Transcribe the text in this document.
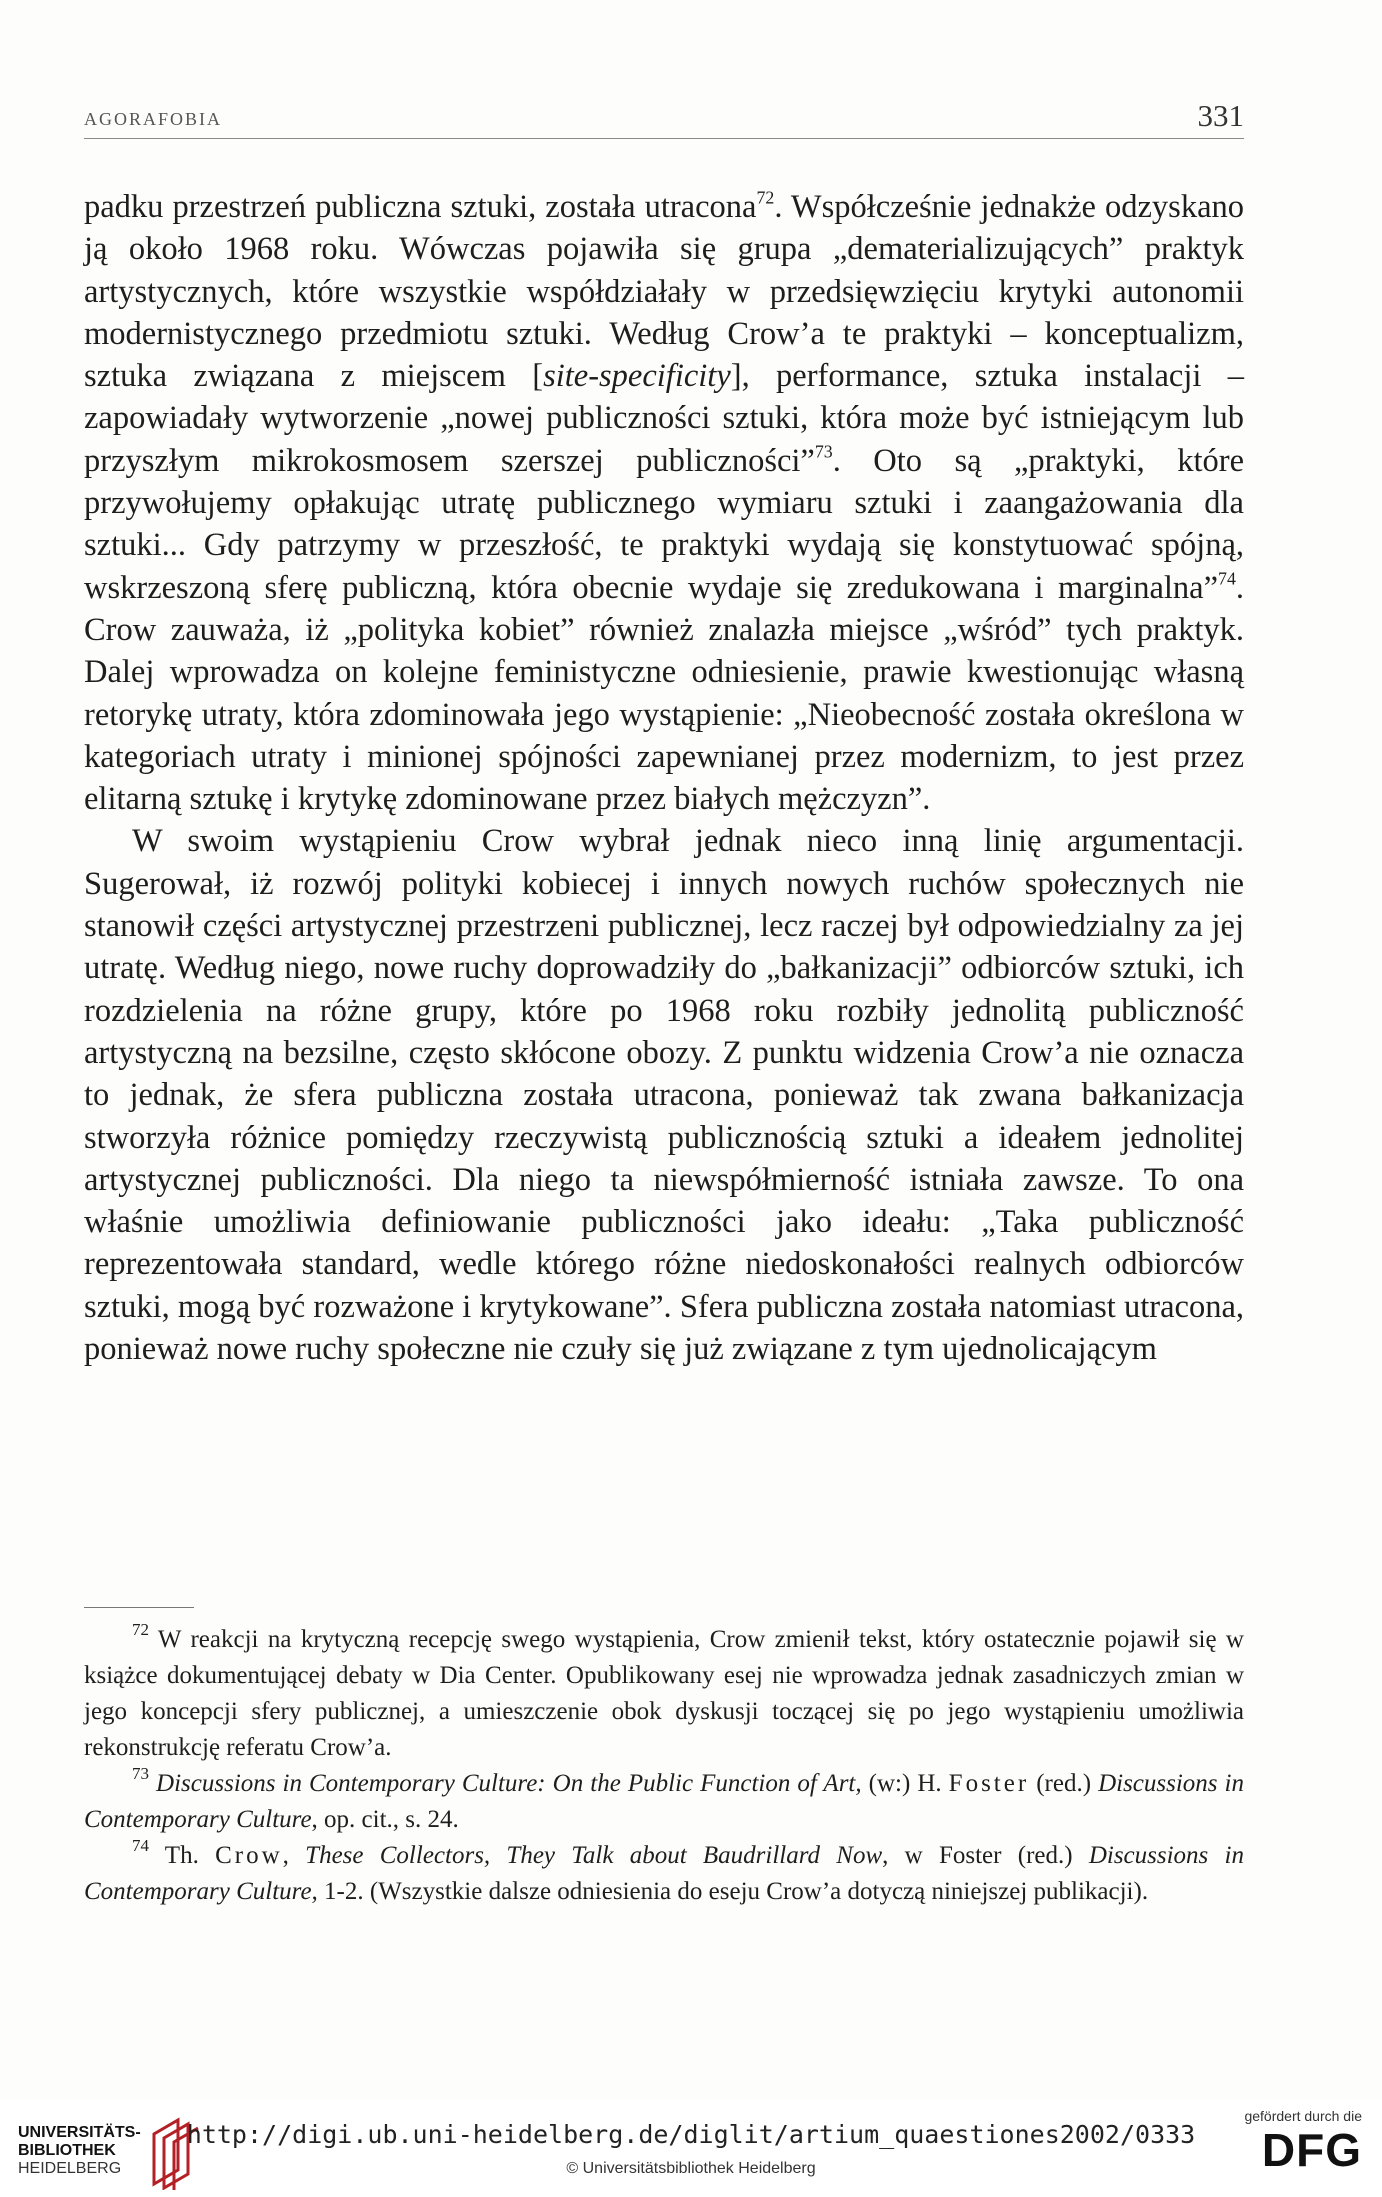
AGORAFOBIA	331

padku przestrzeń publiczna sztuki, została utracona$^{72}$. Współcześnie jednakże odzyskano ją około 1968 roku. Wówczas pojawiła się grupa „dematerializujących” praktyk artystycznych, które wszystkie współdziałały w przedsięwzięciu krytyki autonomii modernistycznego przedmiotu sztuki. Według Crow’a te praktyki – konceptualizm, sztuka związana z miejscem [site-specificity], performance, sztuka instalacji – zapowiadały wytworzenie „nowej publiczności sztuki, która może być istniejącym lub przyszłym mikrokosmosem szerszej publiczności”$^{73}$. Oto są „praktyki, które przywołujemy opłakując utratę publicznego wymiaru sztuki i zaangażowania dla sztuki... Gdy patrzymy w przeszłość, te praktyki wydają się konstytuować spójną, wskrzeszoną sferę publiczną, która obecnie wydaje się zredukowana i marginalna”$^{74}$. Crow zauważa, iż „polityka kobiet” również znalazła miejsce „wśród” tych praktyk. Dalej wprowadza on kolejne feministyczne odniesienie, prawie kwestionując własną retorykę utraty, która zdominowała jego wystąpienie: „Nieobecność została określona w kategoriach utraty i minionej spójności zapewnianej przez modernizm, to jest przez elitarną sztukę i krytykę zdominowane przez białych mężczyzn”.

W swoim wystąpieniu Crow wybrał jednak nieco inną linię argumentacji. Sugerował, iż rozwój polityki kobiecej i innych nowych ruchów społecznych nie stanowił części artystycznej przestrzeni publicznej, lecz raczej był odpowiedzialny za jej utratę. Według niego, nowe ruchy doprowadziły do „bałkanizacji” odbiorców sztuki, ich rozdzielenia na różne grupy, które po 1968 roku rozbiły jednolitą publiczność artystyczną na bezsilne, często skłócone obozy. Z punktu widzenia Crow’a nie oznacza to jednak, że sfera publiczna została utracona, ponieważ tak zwana bałkanizacja stworzyła różnice pomiędzy rzeczywistą publicznością sztuki a ideałem jednolitej artystycznej publiczności. Dla niego ta niewspółmierność istniała zawsze. To ona właśnie umożliwia definiowanie publiczności jako ideału: „Taka publiczność reprezentowała standard, wedle którego różne niedoskonałości realnych odbiorców sztuki, mogą być rozważone i krytykowane”. Sfera publiczna została natomiast utracona, ponieważ nowe ruchy społeczne nie czuły się już związane z tym ujednolicającym

$^{72}$ W reakcji na krytyczną recepcję swego wystąpienia, Crow zmienił tekst, który ostatecznie pojawił się w książce dokumentującej debaty w Dia Center. Opublikowany esej nie wprowadza jednak zasadniczych zmian w jego koncepcji sfery publicznej, a umieszczenie obok dyskusji toczącej się po jego wystąpieniu umożliwia rekonstrukcję referatu Crow’a.

$^{73}$ Discussions in Contemporary Culture: On the Public Function of Art, (w:) H. Foster (red.) Discussions in Contemporary Culture, op. cit., s. 24.

$^{74}$ Th. Crow, These Collectors, They Talk about Baudrillard Now, w Foster (red.) Discussions in Contemporary Culture, 1-2. (Wszystkie dalsze odniesienia do eseju Crow’a dotyczą niniejszej publikacji).

UNIVERSITÄTS-
BIBLIOTHEK
HEIDELBERG
http://digi.ub.uni-heidelberg.de/diglit/artium_quaestiones2002/0333
© Universitätsbibliothek Heidelberg
gefördert durch die
DFG
